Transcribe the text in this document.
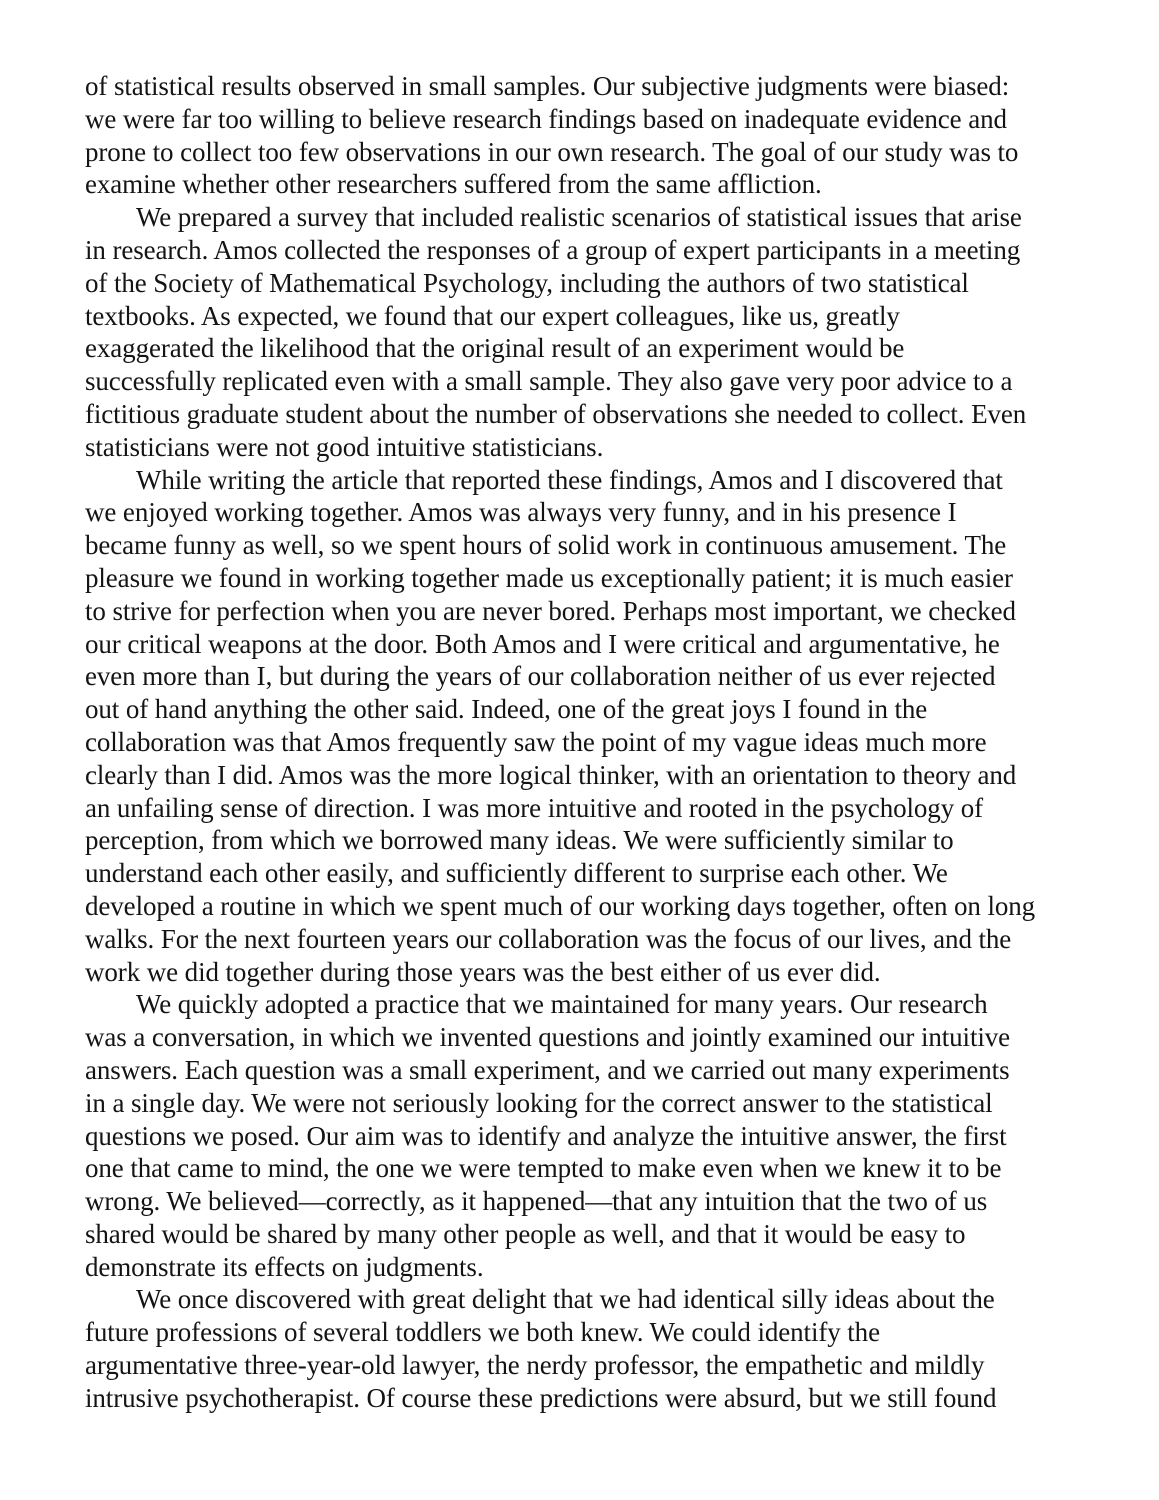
of statistical results observed in small samples. Our subjective judgments were biased:
we were far too willing to believe research findings based on inadequate evidence and
prone to collect too few observations in our own research. The goal of our study was to
examine whether other researchers suffered from the same affliction.
We prepared a survey that included realistic scenarios of statistical issues that arise
in research. Amos collected the responses of a group of expert participants in a meeting
of the Society of Mathematical Psychology, including the authors of two statistical
textbooks. As expected, we found that our expert colleagues, like us, greatly
exaggerated the likelihood that the original result of an experiment would be
successfully replicated even with a small sample. They also gave very poor advice to a
fictitious graduate student about the number of observations she needed to collect. Even
statisticians were not good intuitive statisticians.
While writing the article that reported these findings, Amos and I discovered that
we enjoyed working together. Amos was always very funny, and in his presence I
became funny as well, so we spent hours of solid work in continuous amusement. The
pleasure we found in working together made us exceptionally patient; it is much easier
to strive for perfection when you are never bored. Perhaps most important, we checked
our critical weapons at the door. Both Amos and I were critical and argumentative, he
even more than I, but during the years of our collaboration neither of us ever rejected
out of hand anything the other said. Indeed, one of the great joys I found in the
collaboration was that Amos frequently saw the point of my vague ideas much more
clearly than I did. Amos was the more logical thinker, with an orientation to theory and
an unfailing sense of direction. I was more intuitive and rooted in the psychology of
perception, from which we borrowed many ideas. We were sufficiently similar to
understand each other easily, and sufficiently different to surprise each other. We
developed a routine in which we spent much of our working days together, often on long
walks. For the next fourteen years our collaboration was the focus of our lives, and the
work we did together during those years was the best either of us ever did.
We quickly adopted a practice that we maintained for many years. Our research
was a conversation, in which we invented questions and jointly examined our intuitive
answers. Each question was a small experiment, and we carried out many experiments
in a single day. We were not seriously looking for the correct answer to the statistical
questions we posed. Our aim was to identify and analyze the intuitive answer, the first
one that came to mind, the one we were tempted to make even when we knew it to be
wrong. We believed—correctly, as it happened—that any intuition that the two of us
shared would be shared by many other people as well, and that it would be easy to
demonstrate its effects on judgments.
We once discovered with great delight that we had identical silly ideas about the
future professions of several toddlers we both knew. We could identify the
argumentative three-year-old lawyer, the nerdy professor, the empathetic and mildly
intrusive psychotherapist. Of course these predictions were absurd, but we still found
